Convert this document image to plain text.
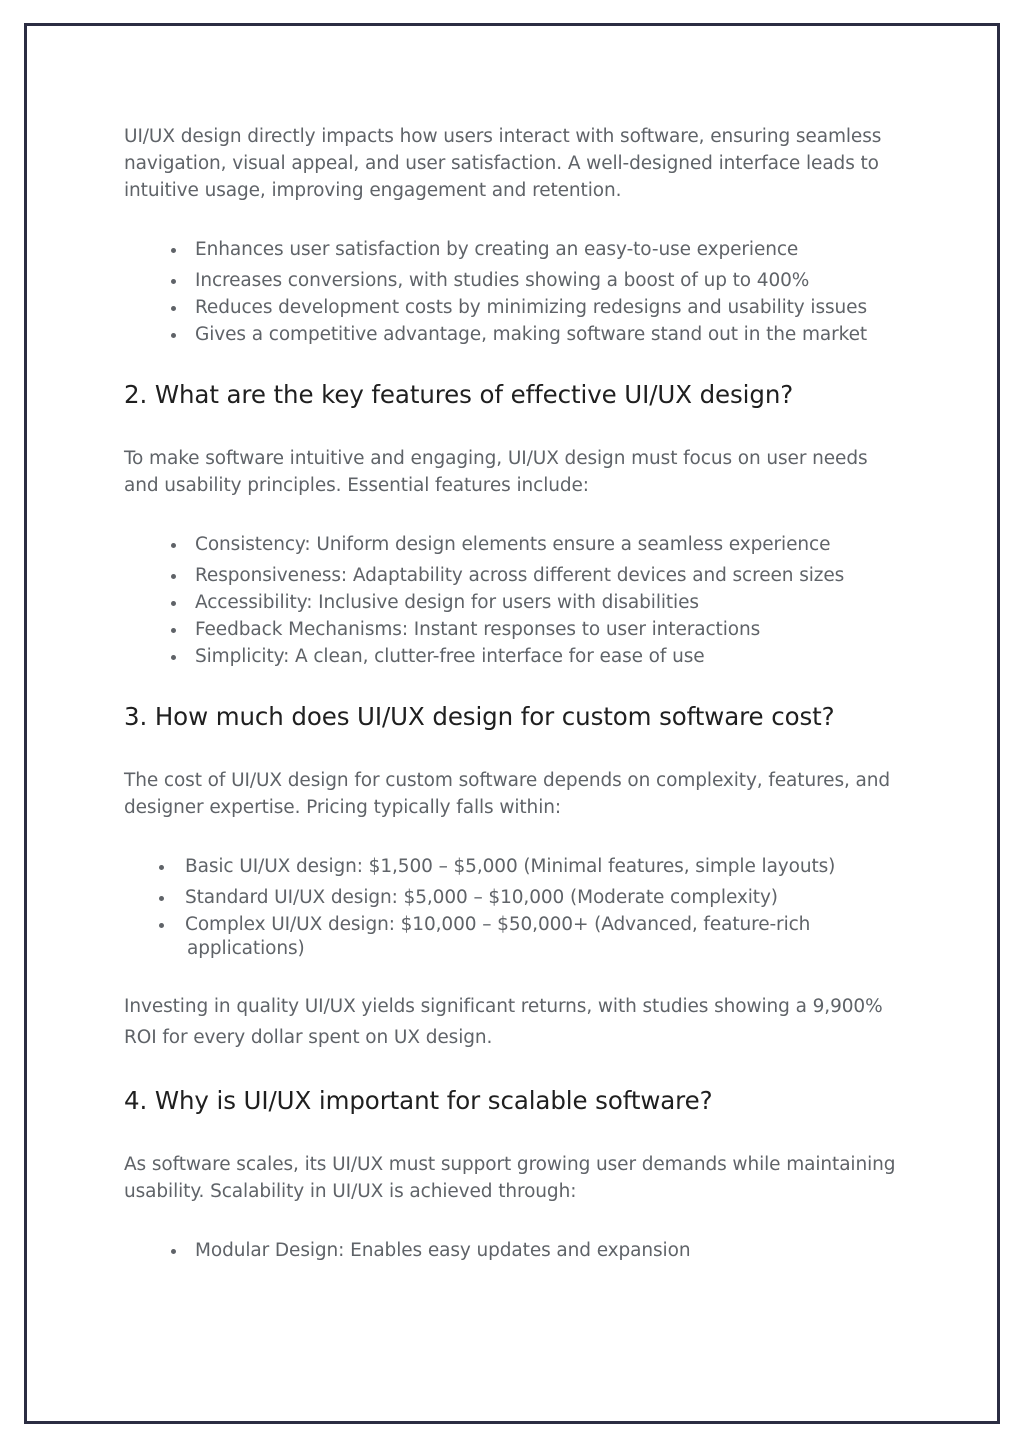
UI/UX design directly impacts how users interact with software, ensuring seamless navigation, visual appeal, and user satisfaction. A well-designed interface leads to intuitive usage, improving engagement and retention.

Enhances user satisfaction by creating an easy-to-use experience
Increases conversions, with studies showing a boost of up to 400%
Reduces development costs by minimizing redesigns and usability issues
Gives a competitive advantage, making software stand out in the market
2. What are the key features of effective UI/UX design?

To make software intuitive and engaging, UI/UX design must focus on user needs and usability principles. Essential features include:

Consistency: Uniform design elements ensure a seamless experience
Responsiveness: Adaptability across different devices and screen sizes
Accessibility: Inclusive design for users with disabilities
Feedback Mechanisms: Instant responses to user interactions
Simplicity: A clean, clutter-free interface for ease of use
3. How much does UI/UX design for custom software cost?

The cost of UI/UX design for custom software depends on complexity, features, and designer expertise. Pricing typically falls within:

Basic UI/UX design: $1,500 – $5,000 (Minimal features, simple layouts)
Standard UI/UX design: $5,000 – $10,000 (Moderate complexity)
Complex UI/UX design: $10,000 – $50,000+ (Advanced, feature-rich
applications)

Investing in quality UI/UX yields significant returns, with studies showing a 9,900% ROI for every dollar spent on UX design.

4. Why is UI/UX important for scalable software?

As software scales, its UI/UX must support growing user demands while maintaining usability. Scalability in UI/UX is achieved through:

Modular Design: Enables easy updates and expansion
